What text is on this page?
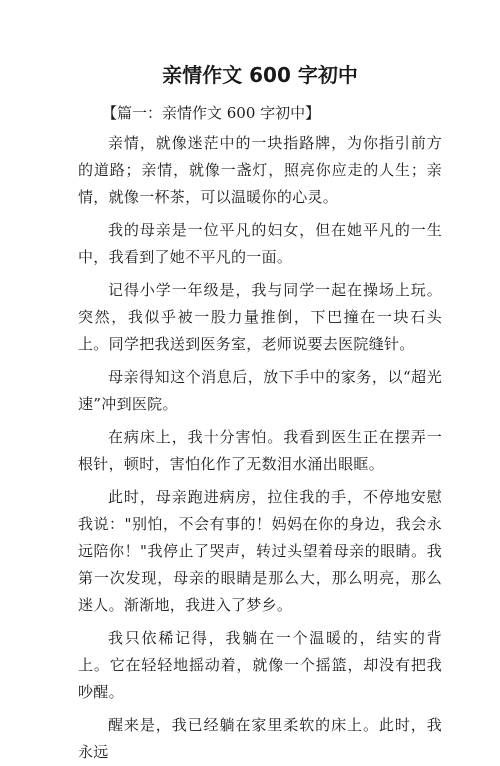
亲情作文 600 字初中
【篇一：亲情作文 600 字初中】

亲情，就像迷茫中的一块指路牌，为你指引前方的道路；亲情，就像一盏灯，照亮你应走的人生；亲情，就像一杯茶，可以温暖你的心灵。

我的母亲是一位平凡的妇女，但在她平凡的一生中，我看到了她不平凡的一面。

记得小学一年级是，我与同学一起在操场上玩。突然，我似乎被一股力量推倒，下巴撞在一块石头上。同学把我送到医务室，老师说要去医院缝针。

母亲得知这个消息后，放下手中的家务，以“超光速”冲到医院。

在病床上，我十分害怕。我看到医生正在摆弄一根针，顿时，害怕化作了无数泪水涌出眼眶。

此时，母亲跑进病房，拉住我的手，不停地安慰我说："别怕，不会有事的！妈妈在你的身边，我会永远陪你！"我停止了哭声，转过头望着母亲的眼睛。我第一次发现，母亲的眼睛是那么大，那么明亮，那么迷人。渐渐地，我进入了梦乡。

我只依稀记得，我躺在一个温暖的，结实的背上。它在轻轻地摇动着，就像一个摇篮，却没有把我吵醒。

醒来是，我已经躺在家里柔软的床上。此时，我永远
